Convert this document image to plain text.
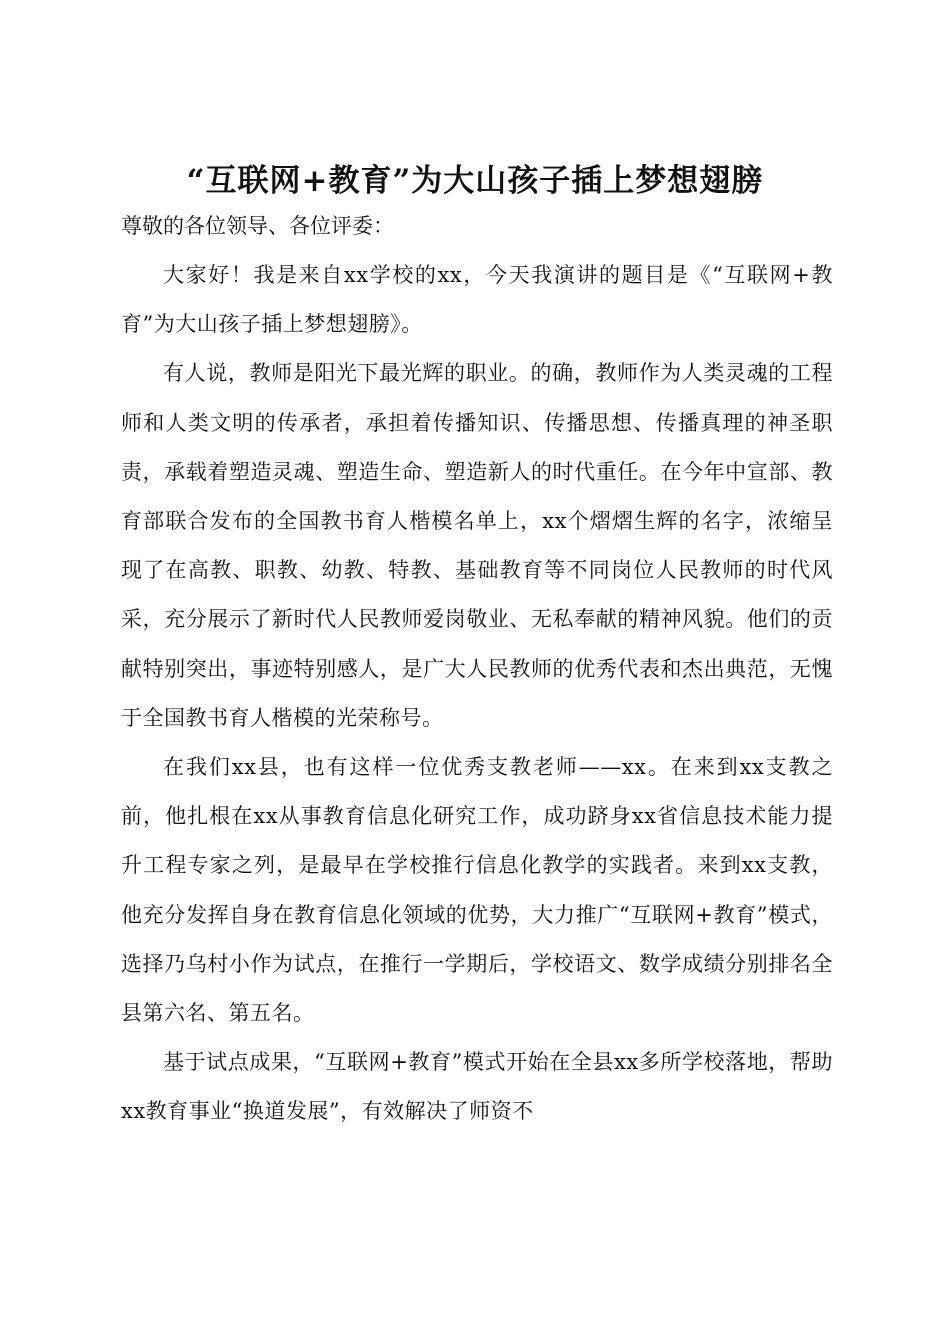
“互联网+教育”为大山孩子插上梦想翅膀

尊敬的各位领导、各位评委：

大家好！我是来自xx学校的xx，今天我演讲的题目是《“互联网+教育”为大山孩子插上梦想翅膀》。

有人说，教师是阳光下最光辉的职业。的确，教师作为人类灵魂的工程师和人类文明的传承者，承担着传播知识、传播思想、传播真理的神圣职责，承载着塑造灵魂、塑造生命、塑造新人的时代重任。在今年中宣部、教育部联合发布的全国教书育人楷模名单上，xx个熠熠生辉的名字，浓缩呈现了在高教、职教、幼教、特教、基础教育等不同岗位人民教师的时代风采，充分展示了新时代人民教师爱岗敬业、无私奉献的精神风貌。他们的贡献特别突出，事迹特别感人，是广大人民教师的优秀代表和杰出典范，无愧于全国教书育人楷模的光荣称号。

在我们xx县，也有这样一位优秀支教老师——xx。在来到xx支教之前，他扎根在xx从事教育信息化研究工作，成功跻身xx省信息技术能力提升工程专家之列，是最早在学校推行信息化教学的实践者。来到xx支教，他充分发挥自身在教育信息化领域的优势，大力推广“互联网+教育”模式，选择乃乌村小作为试点，在推行一学期后，学校语文、数学成绩分别排名全县第六名、第五名。

基于试点成果，“互联网+教育”模式开始在全县xx多所学校落地，帮助xx教育事业“换道发展”，有效解决了师资不
